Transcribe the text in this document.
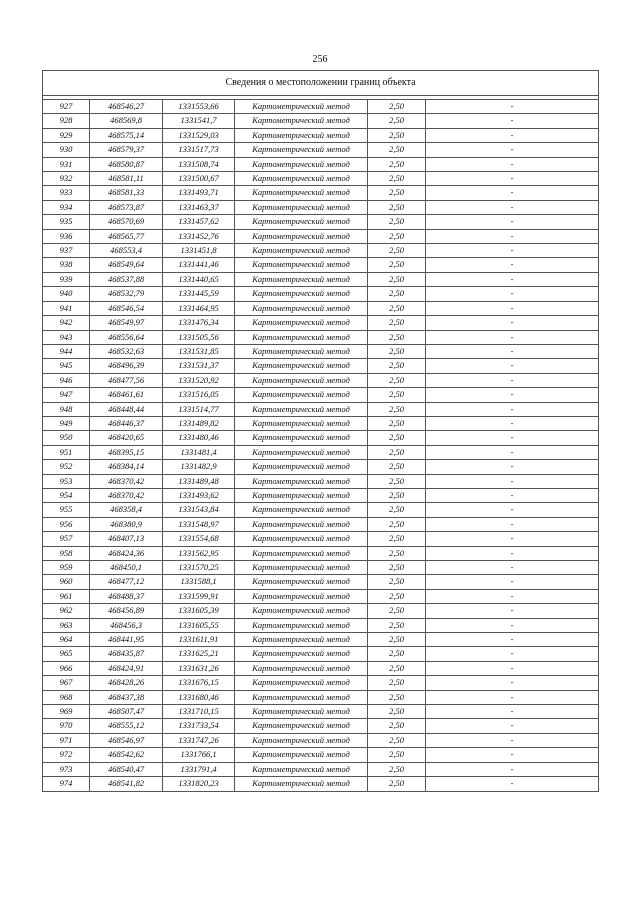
256
Сведения о местоположении границ объекта					

927	468546,27	1331553,66	Картометрический метод	2,50	-
928	468569,8	1331541,7	Картометрический метод	2,50	-
929	468575,14	1331529,03	Картометрический метод	2,50	-
930	468579,37	1331517,73	Картометрический метод	2,50	-
931	468580,87	1331508,74	Картометрический метод	2,50	-
932	468581,11	1331500,67	Картометрический метод	2,50	-
933	468581,33	1331493,71	Картометрический метод	2,50	-
934	468573,87	1331463,37	Картометрический метод	2,50	-
935	468570,69	1331457,62	Картометрический метод	2,50	-
936	468565,77	1331452,76	Картометрический метод	2,50	-
937	468553,4	1331451,8	Картометрический метод	2,50	-
938	468549,64	1331441,46	Картометрический метод	2,50	-
939	468537,88	1331440,65	Картометрический метод	2,50	-
940	468532,79	1331445,59	Картометрический метод	2,50	-
941	468546,54	1331464,95	Картометрический метод	2,50	-
942	468549,97	1331476,34	Картометрический метод	2,50	-
943	468556,64	1331505,56	Картометрический метод	2,50	-
944	468532,63	1331531,85	Картометрический метод	2,50	-
945	468496,39	1331531,37	Картометрический метод	2,50	-
946	468477,56	1331520,92	Картометрический метод	2,50	-
947	468461,61	1331516,05	Картометрический метод	2,50	-
948	468448,44	1331514,77	Картометрический метод	2,50	-
949	468446,37	1331489,82	Картометрический метод	2,50	-
950	468420,65	1331480,46	Картометрический метод	2,50	-
951	468395,15	1331481,4	Картометрический метод	2,50	-
952	468384,14	1331482,9	Картометрический метод	2,50	-
953	468370,42	1331489,48	Картометрический метод	2,50	-
954	468370,42	1331493,62	Картометрический метод	2,50	-
955	468358,4	1331543,84	Картометрический метод	2,50	-
956	468380,9	1331548,97	Картометрический метод	2,50	-
957	468407,13	1331554,68	Картометрический метод	2,50	-
958	468424,36	1331562,95	Картометрический метод	2,50	-
959	468450,1	1331570,25	Картометрический метод	2,50	-
960	468477,12	1331588,1	Картометрический метод	2,50	-
961	468488,37	1331599,91	Картометрический метод	2,50	-
962	468456,89	1331605,39	Картометрический метод	2,50	-
963	468456,3	1331605,55	Картометрический метод	2,50	-
964	468441,95	1331611,91	Картометрический метод	2,50	-
965	468435,87	1331625,21	Картометрический метод	2,50	-
966	468424,91	1331631,26	Картометрический метод	2,50	-
967	468428,26	1331676,15	Картометрический метод	2,50	-
968	468437,38	1331680,46	Картометрический метод	2,50	-
969	468507,47	1331710,15	Картометрический метод	2,50	-
970	468555,12	1331733,54	Картометрический метод	2,50	-
971	468546,97	1331747,26	Картометрический метод	2,50	-
972	468542,62	1331766,1	Картометрический метод	2,50	-
973	468540,47	1331791,4	Картометрический метод	2,50	-
974	468541,82	1331820,23	Картометрический метод	2,50	-
